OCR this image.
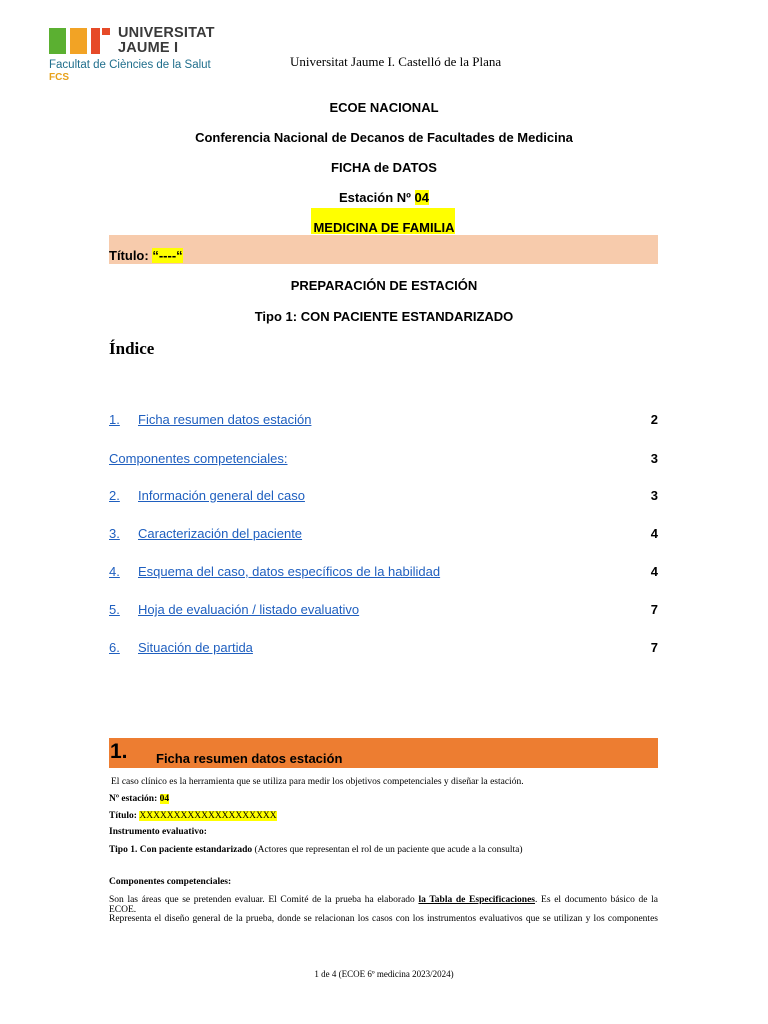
UNIVERSITAT
JAUME I
Facultat de Ciències de la Salut
FCS
Universitat Jaume I. Castelló de la Plana
ECOE NACIONAL
Conferencia Nacional de Decanos de Facultades de Medicina
FICHA de DATOS
Estación Nº 04
MEDICINA DE FAMILIA
Título: “----“
PREPARACIÓN DE ESTACIÓN
Tipo 1: CON PACIENTE ESTANDARIZADO
Índice
1. Ficha resumen datos estación	2
Componentes competenciales:	3
2. Información general del caso	3
3. Caracterización del paciente	4
4. Esquema del caso, datos específicos de la habilidad	4
5. Hoja de evaluación / listado evaluativo	7
6. Situación de partida	7
1. Ficha resumen datos estación
El caso clínico es la herramienta que se utiliza para medir los objetivos competenciales y diseñar la estación.
Nº estación: 04
Título: XXXXXXXXXXXXXXXXXXXX
Instrumento evaluativo:
Tipo 1. Con paciente estandarizado (Actores que representan el rol de un paciente que acude a la consulta)
Componentes competenciales:
Son las áreas que se pretenden evaluar. El Comité de la prueba ha elaborado la Tabla de Especificaciones. Es el documento básico de la ECOE.
Representa el diseño general de la prueba, donde se relacionan los casos con los instrumentos evaluativos que se utilizan y los componentes
1 de 4 (ECOE 6º medicina 2023/2024)
